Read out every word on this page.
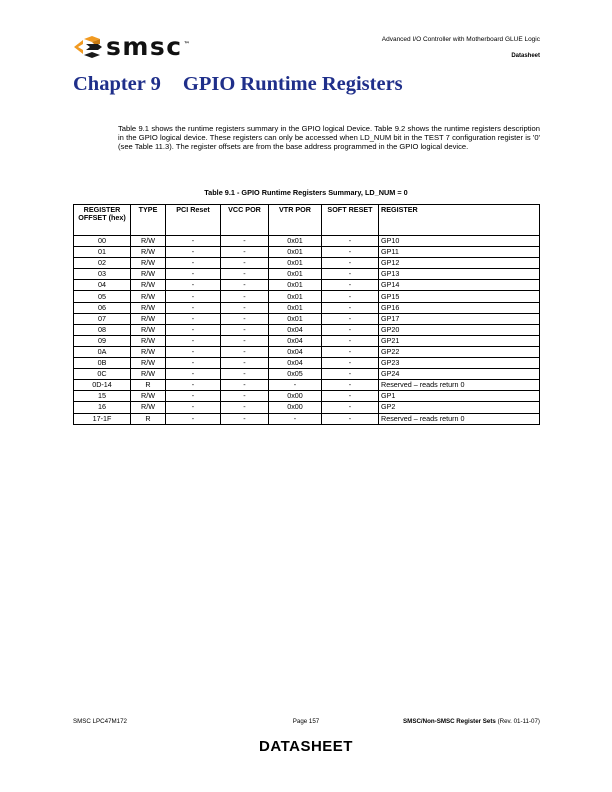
smsc™
Advanced I/O Controller with Motherboard GLUE Logic
Datasheet
Chapter 9 GPIO Runtime Registers

Table 9.1 shows the runtime registers summary in the GPIO logical Device. Table 9.2 shows the runtime registers description in the GPIO logical device. These registers can only be accessed when LD_NUM bit in the TEST 7 configuration register is '0' (see Table 11.3). The register offsets are from the base address programmed in the GPIO logical device.

Table 9.1 - GPIO Runtime Registers Summary, LD_NUM = 0
REGISTER OFFSET (hex)	TYPE	PCI Reset	VCC POR	VTR POR	SOFT RESET	REGISTER
00	R/W	-	-	0x01	-	GP10
01	R/W	-	-	0x01	-	GP11
02	R/W	-	-	0x01	-	GP12
03	R/W	-	-	0x01	-	GP13
04	R/W	-	-	0x01	-	GP14
05	R/W	-	-	0x01	-	GP15
06	R/W	-	-	0x01	-	GP16
07	R/W	-	-	0x01	-	GP17
08	R/W	-	-	0x04	-	GP20
09	R/W	-	-	0x04	-	GP21
0A	R/W	-	-	0x04	-	GP22
0B	R/W	-	-	0x04	-	GP23
0C	R/W	-	-	0x05	-	GP24
0D-14	R	-	-	-	-	Reserved – reads return 0
15	R/W	-	-	0x00	-	GP1
16	R/W	-	-	0x00	-	GP2
17-1F	R	-	-	-	-	Reserved – reads return 0
SMSC LPC47M172	Page 157	SMSC/Non-SMSC Register Sets (Rev. 01-11-07)
DATASHEET
